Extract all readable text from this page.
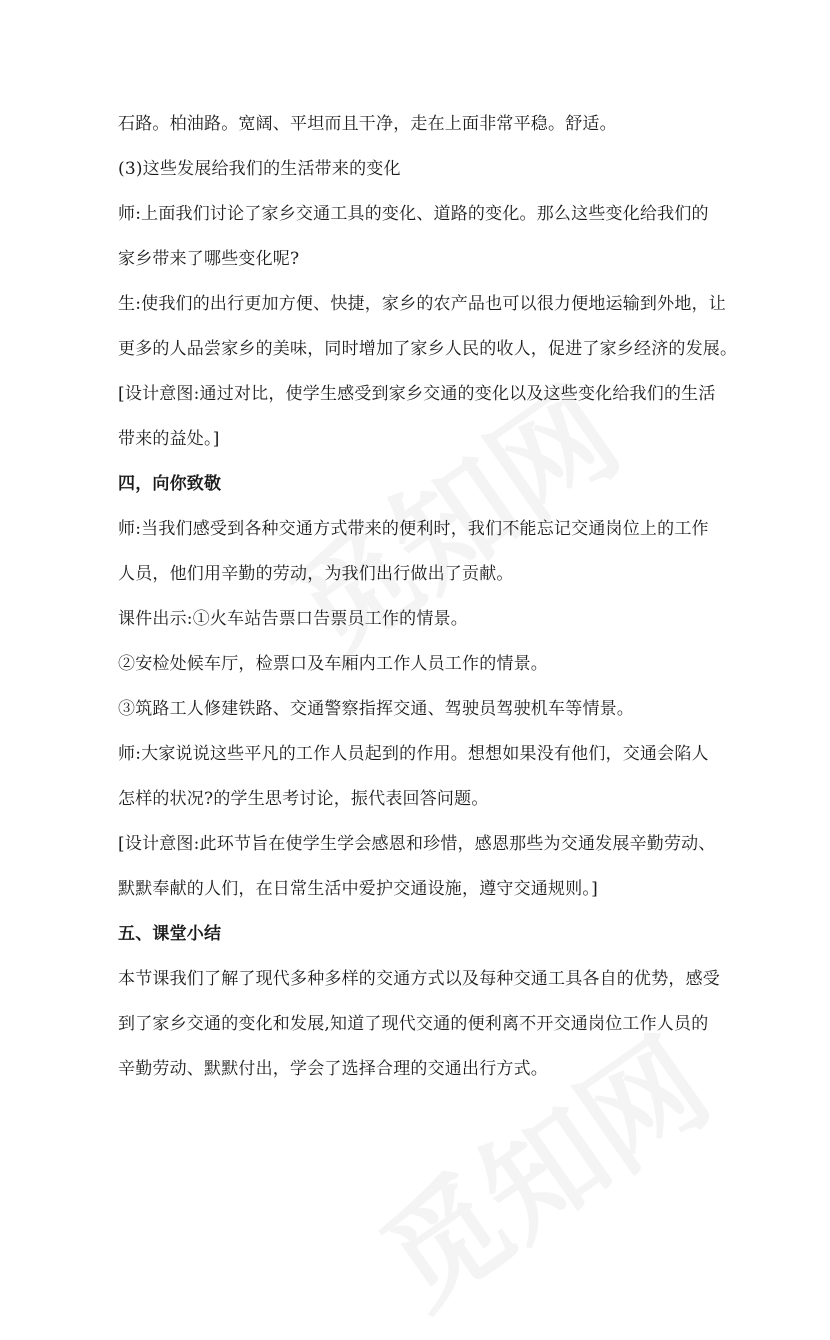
石路。柏油路。宽阔、平坦而且干净，走在上面非常平稳。舒适。
(3)这些发展给我们的生活带来的变化
师:上面我们讨论了家乡交通工具的变化、道路的变化。那么这些变化给我们的
家乡带来了哪些变化呢?
生:使我们的出行更加方便、快捷，家乡的农产品也可以很力便地运输到外地，让
更多的人品尝家乡的美味，同时增加了家乡人民的收人，促进了家乡经济的发展。
[设计意图:通过对比，使学生感受到家乡交通的变化以及这些变化给我们的生活
带来的益处。]
四，向你致敬
师:当我们感受到各种交通方式带来的便利时，我们不能忘记交通岗位上的工作
人员，他们用辛勤的劳动，为我们出行做出了贡献。
课件出示:①火车站告票口告票员工作的情景。
②安检处候车厅，检票口及车厢内工作人员工作的情景。
③筑路工人修建铁路、交通警察指挥交通、驾驶员驾驶机车等情景。
师:大家说说这些平凡的工作人员起到的作用。想想如果没有他们，交通会陷人
怎样的状况?的学生思考讨论，振代表回答问题。
[设计意图:此环节旨在使学生学会感恩和珍惜，感恩那些为交通发展辛勤劳动、
默默奉献的人们，在日常生活中爱护交通设施，遵守交通规则。]
五、课堂小结
本节课我们了解了现代多种多样的交通方式以及每种交通工具各自的优势，感受
到了家乡交通的变化和发展,知道了现代交通的便利离不开交通岗位工作人员的
辛勤劳动、默默付出，学会了选择合理的交通出行方式。
